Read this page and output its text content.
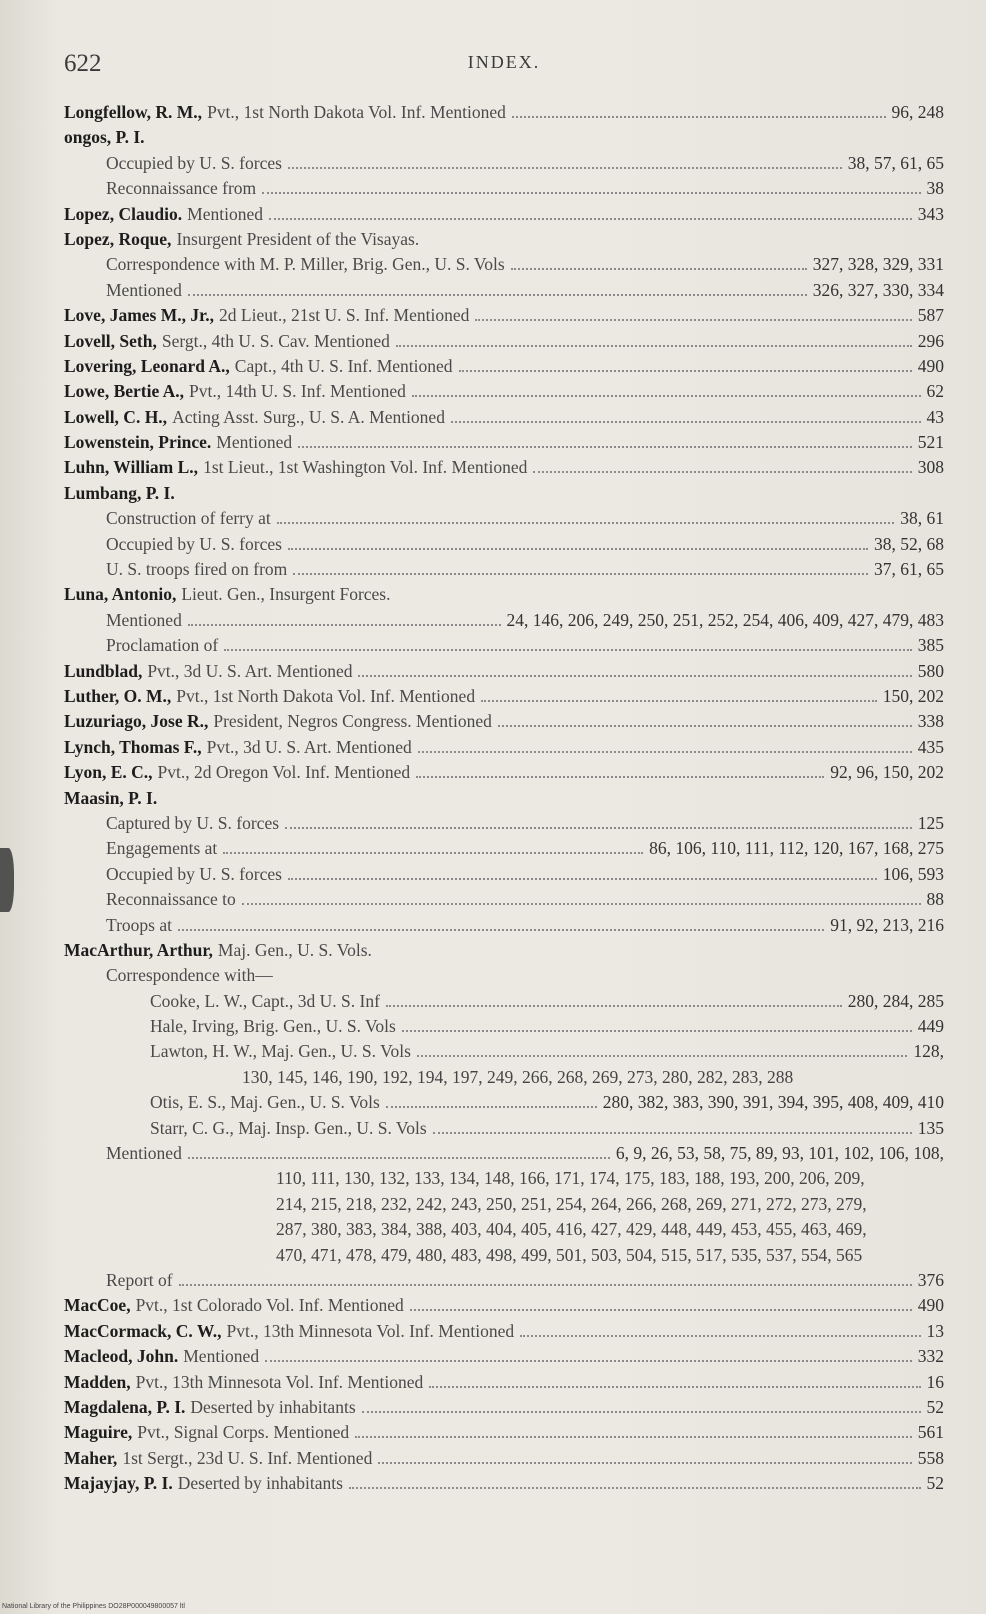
622	INDEX.
Longfellow, R. M., Pvt., 1st North Dakota Vol. Inf. Mentioned	96, 248
ongos, P. I.
Occupied by U. S. forces	38, 57, 61, 65
Reconnaissance from	38
Lopez, Claudio. Mentioned	343
Lopez, Roque, Insurgent President of the Visayas.
Correspondence with M. P. Miller, Brig. Gen., U. S. Vols	327, 328, 329, 331
Mentioned	326, 327, 330, 334
Love, James M., Jr., 2d Lieut., 21st U. S. Inf. Mentioned	587
Lovell, Seth, Sergt., 4th U. S. Cav. Mentioned	296
Lovering, Leonard A., Capt., 4th U. S. Inf. Mentioned	490
Lowe, Bertie A., Pvt., 14th U. S. Inf. Mentioned	62
Lowell, C. H., Acting Asst. Surg., U. S. A. Mentioned	43
Lowenstein, Prince. Mentioned	521
Luhn, William L., 1st Lieut., 1st Washington Vol. Inf. Mentioned	308
Lumbang, P. I.
Construction of ferry at	38, 61
Occupied by U. S. forces	38, 52, 68
U. S. troops fired on from	37, 61, 65
Luna, Antonio, Lieut. Gen., Insurgent Forces.
Mentioned	24, 146, 206, 249, 250, 251, 252, 254, 406, 409, 427, 479, 483
Proclamation of	385
Lundblad, Pvt., 3d U. S. Art. Mentioned	580
Luther, O. M., Pvt., 1st North Dakota Vol. Inf. Mentioned	150, 202
Luzuriago, Jose R., President, Negros Congress. Mentioned	338
Lynch, Thomas F., Pvt., 3d U. S. Art. Mentioned	435
Lyon, E. C., Pvt., 2d Oregon Vol. Inf. Mentioned	92, 96, 150, 202
Maasin, P. I.
Captured by U. S. forces	125
Engagements at	86, 106, 110, 111, 112, 120, 167, 168, 275
Occupied by U. S. forces	106, 593
Reconnaissance to	88
Troops at	91, 92, 213, 216
MacArthur, Arthur, Maj. Gen., U. S. Vols.
Correspondence with—
Cooke, L. W., Capt., 3d U. S. Inf	280, 284, 285
Hale, Irving, Brig. Gen., U. S. Vols	449
Lawton, H. W., Maj. Gen., U. S. Vols	128,
130, 145, 146, 190, 192, 194, 197, 249, 266, 268, 269, 273, 280, 282, 283, 288
Otis, E. S., Maj. Gen., U. S. Vols	280, 382, 383, 390, 391, 394, 395, 408, 409, 410
Starr, C. G., Maj. Insp. Gen., U. S. Vols	135
Mentioned	6, 9, 26, 53, 58, 75, 89, 93, 101, 102, 106, 108,
110, 111, 130, 132, 133, 134, 148, 166, 171, 174, 175, 183, 188, 193, 200, 206, 209,
214, 215, 218, 232, 242, 243, 250, 251, 254, 264, 266, 268, 269, 271, 272, 273, 279,
287, 380, 383, 384, 388, 403, 404, 405, 416, 427, 429, 448, 449, 453, 455, 463, 469,
470, 471, 478, 479, 480, 483, 498, 499, 501, 503, 504, 515, 517, 535, 537, 554, 565
Report of	376
MacCoe, Pvt., 1st Colorado Vol. Inf. Mentioned	490
MacCormack, C. W., Pvt., 13th Minnesota Vol. Inf. Mentioned	13
Macleod, John. Mentioned	332
Madden, Pvt., 13th Minnesota Vol. Inf. Mentioned	16
Magdalena, P. I. Deserted by inhabitants	52
Maguire, Pvt., Signal Corps. Mentioned	561
Maher, 1st Sergt., 23d U. S. Inf. Mentioned	558
Majayjay, P. I. Deserted by inhabitants	52
National Library of the Philippines DO28P000049800057 ltl
